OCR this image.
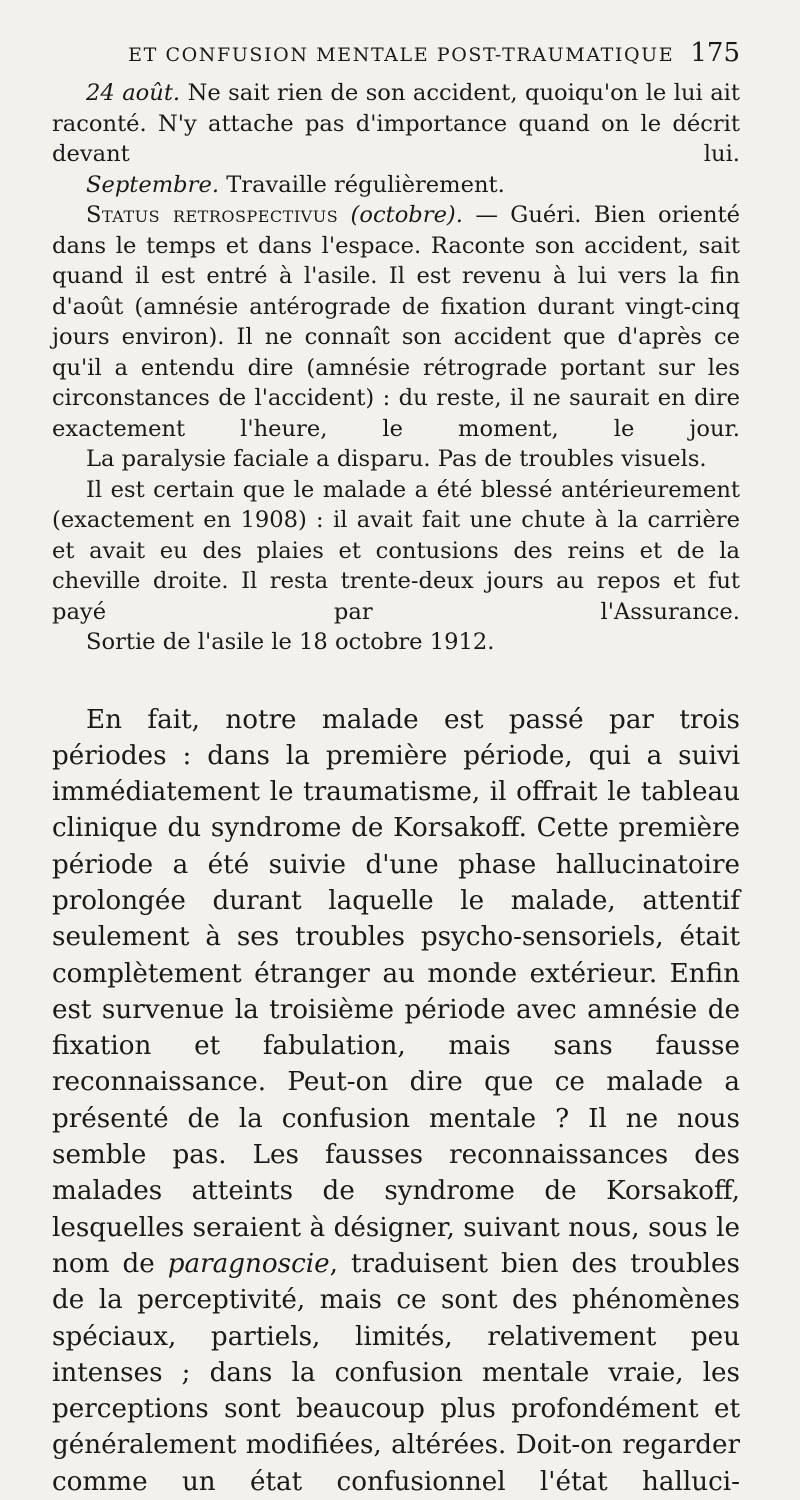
ET CONFUSION MENTALE POST-TRAUMATIQUE 175

24 août. Ne sait rien de son accident, quoiqu'on le lui ait raconté. N'y attache pas d'importance quand on le décrit devant lui.

Septembre. Travaille régulièrement.

Status retrospectivus (octobre). — Guéri. Bien orienté dans le temps et dans l'espace. Raconte son accident, sait quand il est entré à l'asile. Il est revenu à lui vers la fin d'août (amnésie antérograde de fixation durant vingt-cinq jours environ). Il ne connaît son accident que d'après ce qu'il a entendu dire (amnésie rétrograde portant sur les circonstances de l'accident) : du reste, il ne saurait en dire exactement l'heure, le moment, le jour.

La paralysie faciale a disparu. Pas de troubles visuels.

Il est certain que le malade a été blessé antérieurement (exactement en 1908) : il avait fait une chute à la carrière et avait eu des plaies et contusions des reins et de la cheville droite. Il resta trente-deux jours au repos et fut payé par l'Assurance.

Sortie de l'asile le 18 octobre 1912.

En fait, notre malade est passé par trois périodes : dans la première période, qui a suivi immédiatement le traumatisme, il offrait le tableau clinique du syndrome de Korsakoff. Cette première période a été suivie d'une phase hallucinatoire prolongée durant laquelle le malade, attentif seulement à ses troubles psycho-sensoriels, était complètement étranger au monde extérieur. Enfin est survenue la troisième période avec amnésie de fixation et fabulation, mais sans fausse reconnaissance. Peut-on dire que ce malade a présenté de la confusion mentale ? Il ne nous semble pas. Les fausses reconnaissances des malades atteints de syndrome de Korsakoff, lesquelles seraient à désigner, suivant nous, sous le nom de paragnoscie, traduisent bien des troubles de la perceptivité, mais ce sont des phénomènes spéciaux, partiels, limités, relativement peu intenses ; dans la confusion mentale vraie, les perceptions sont beaucoup plus profondément et généralement modifiées, altérées. Doit-on regarder comme un état confusionnel l'état halluci-
